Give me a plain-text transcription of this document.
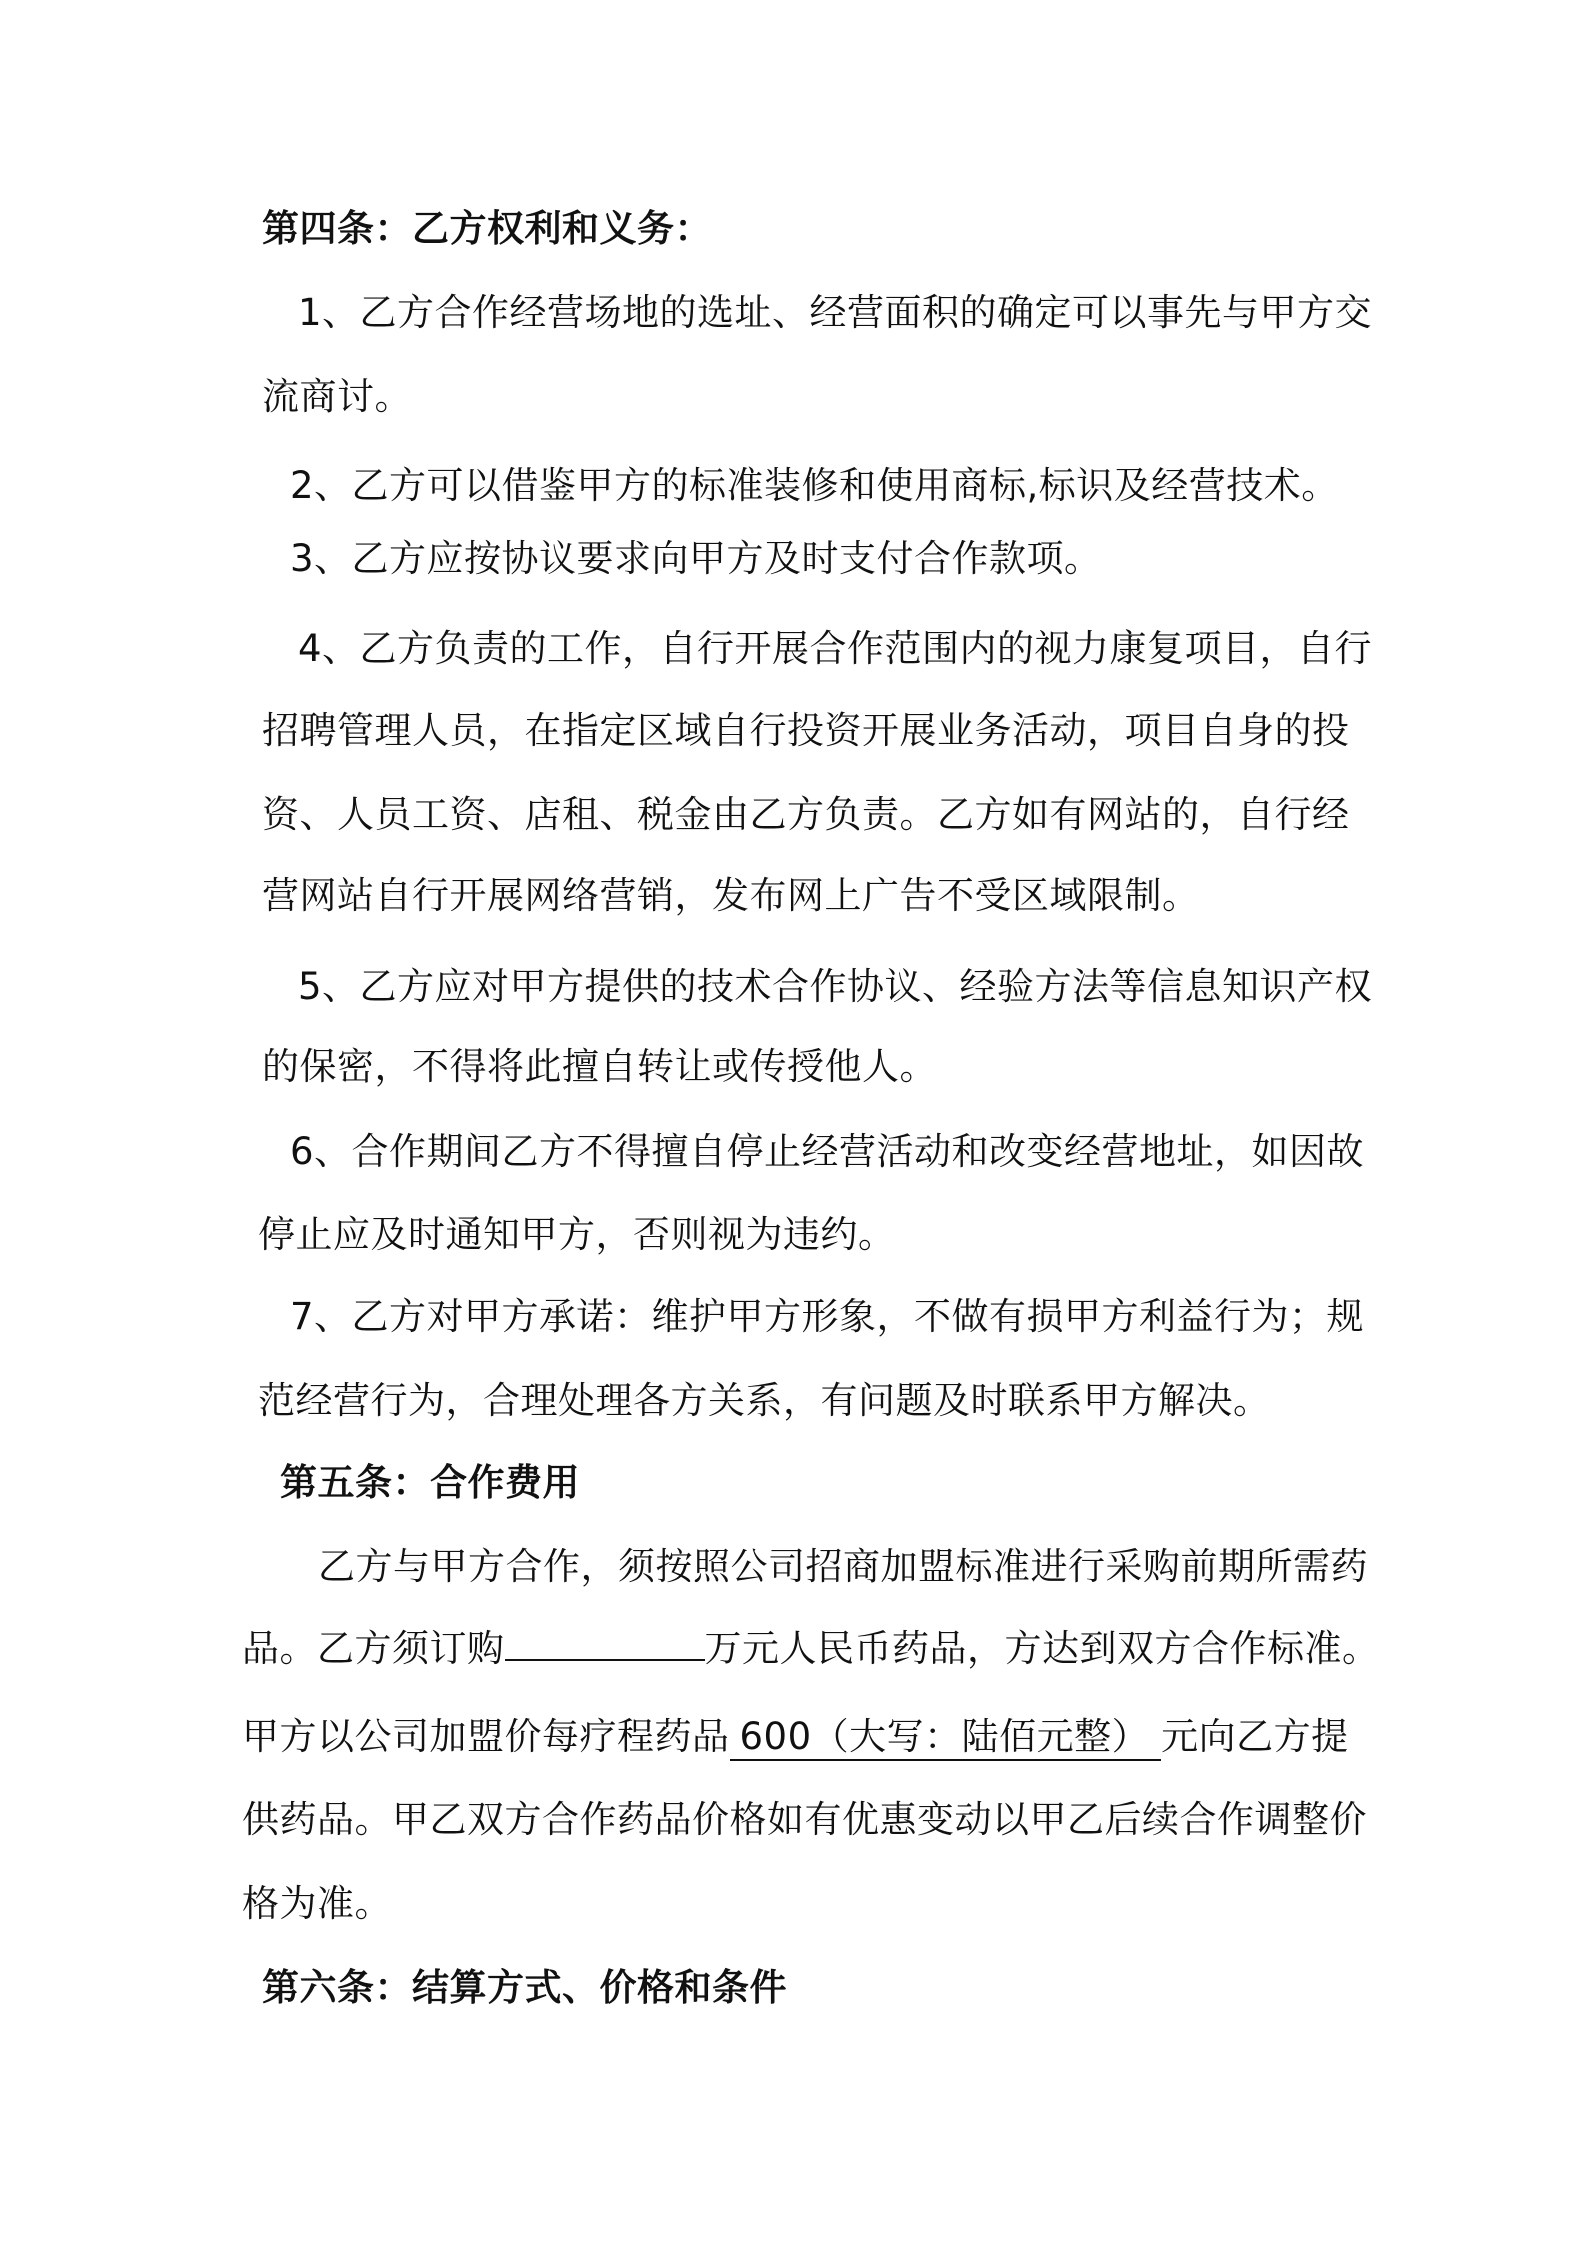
第四条：乙方权利和义务：
1、乙方合作经营场地的选址、经营面积的确定可以事先与甲方交
流商讨。
2、乙方可以借鉴甲方的标准装修和使用商标,标识及经营技术。
3、乙方应按协议要求向甲方及时支付合作款项。
4、乙方负责的工作，自行开展合作范围内的视力康复项目，自行
招聘管理人员，在指定区域自行投资开展业务活动，项目自身的投
资、人员工资、店租、税金由乙方负责。乙方如有网站的，自行经
营网站自行开展网络营销，发布网上广告不受区域限制。
5、乙方应对甲方提供的技术合作协议、经验方法等信息知识产权
的保密，不得将此擅自转让或传授他人。
6、合作期间乙方不得擅自停止经营活动和改变经营地址，如因故
停止应及时通知甲方，否则视为违约。
7、乙方对甲方承诺：维护甲方形象，不做有损甲方利益行为；规
范经营行为，合理处理各方关系，有问题及时联系甲方解决。
第五条：合作费用
乙方与甲方合作，须按照公司招商加盟标准进行采购前期所需药
品。乙方须订购	万元人民币药品，方达到双方合作标准。
甲方以公司加盟价每疗程药品 600（大写：陆佰元整） 元向乙方提
供药品。甲乙双方合作药品价格如有优惠变动以甲乙后续合作调整价
格为准。
第六条：结算方式、价格和条件
